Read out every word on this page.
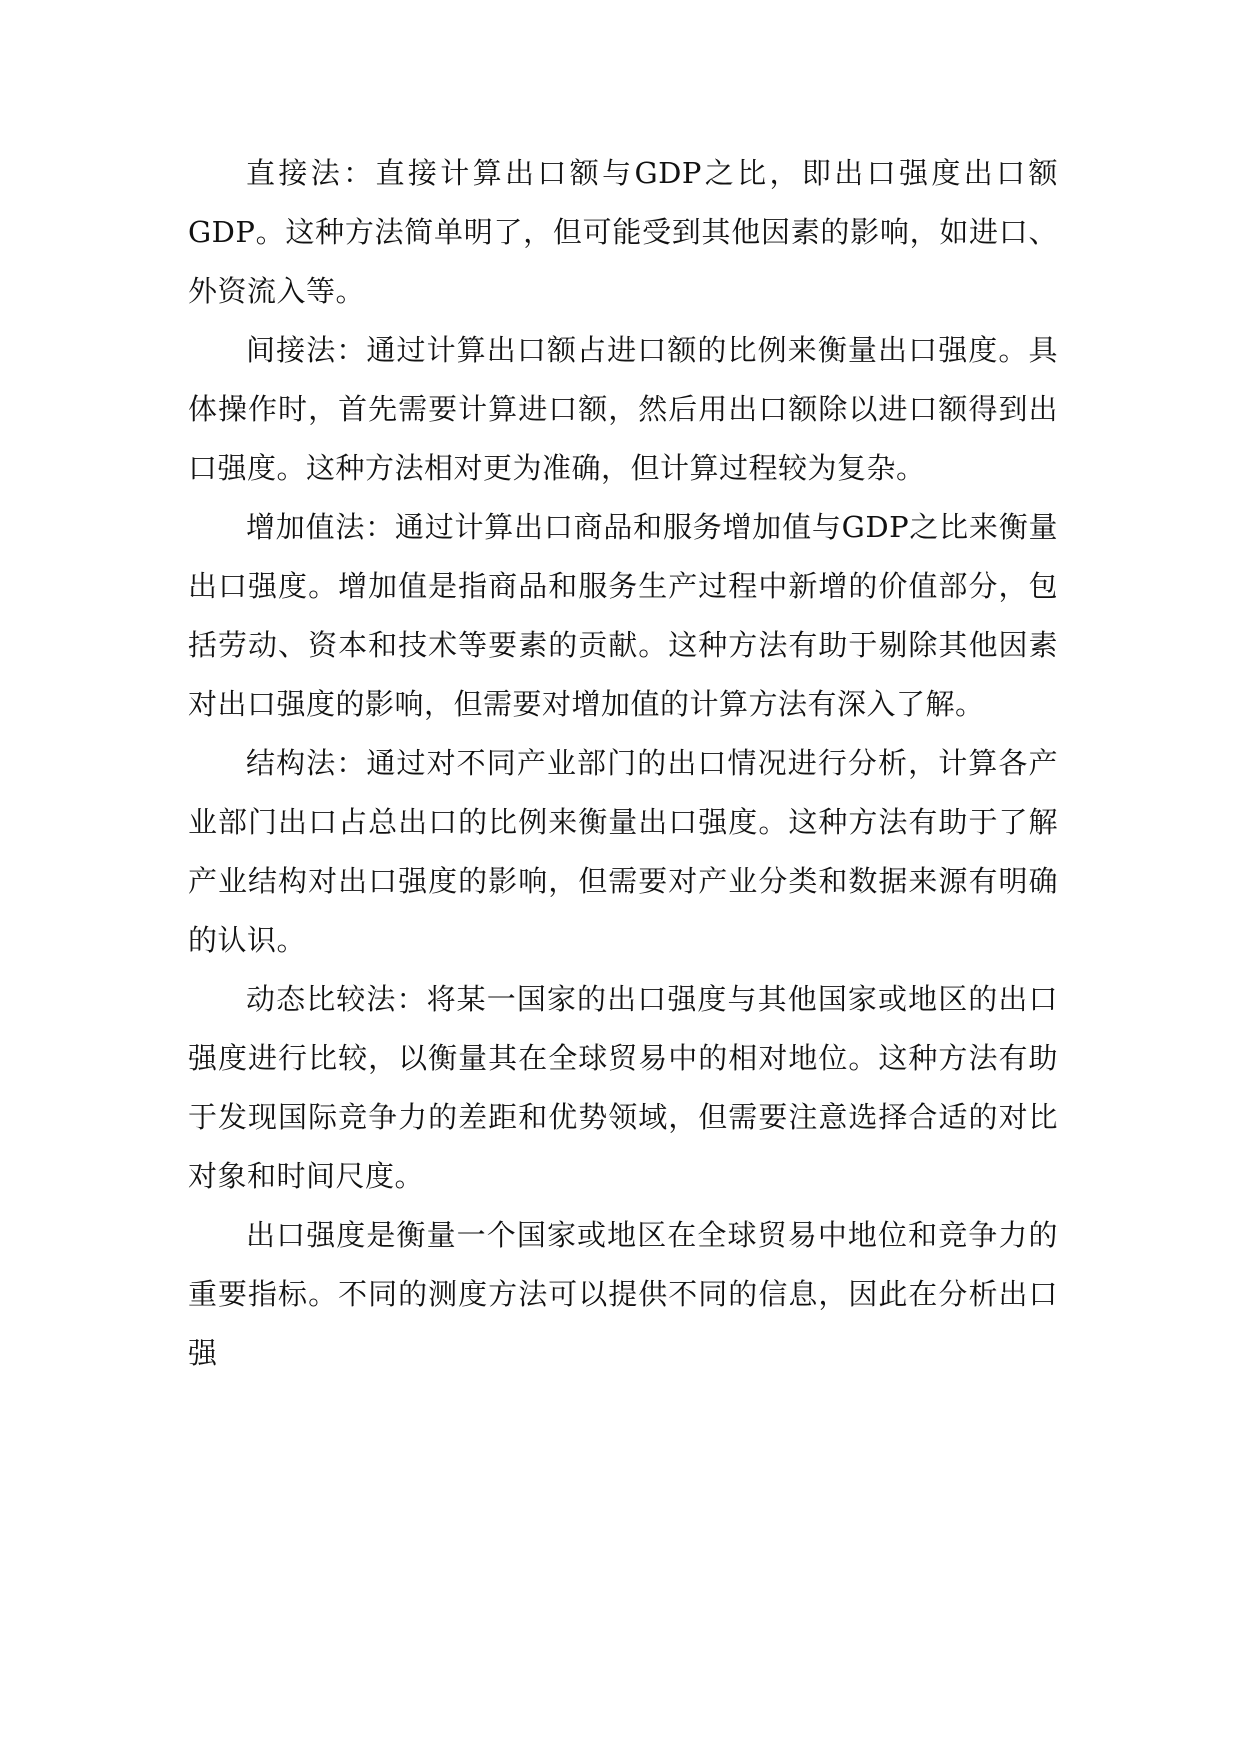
直接法：直接计算出口额与GDP之比，即出口强度出口额 GDP。这种方法简单明了，但可能受到其他因素的影响，如进口、外资流入等。

间接法：通过计算出口额占进口额的比例来衡量出口强度。具体操作时，首先需要计算进口额，然后用出口额除以进口额得到出口强度。这种方法相对更为准确，但计算过程较为复杂。

增加值法：通过计算出口商品和服务增加值与GDP之比来衡量出口强度。增加值是指商品和服务生产过程中新增的价值部分，包括劳动、资本和技术等要素的贡献。这种方法有助于剔除其他因素对出口强度的影响，但需要对增加值的计算方法有深入了解。

结构法：通过对不同产业部门的出口情况进行分析，计算各产业部门出口占总出口的比例来衡量出口强度。这种方法有助于了解产业结构对出口强度的影响，但需要对产业分类和数据来源有明确的认识。

动态比较法：将某一国家的出口强度与其他国家或地区的出口强度进行比较，以衡量其在全球贸易中的相对地位。这种方法有助于发现国际竞争力的差距和优势领域，但需要注意选择合适的对比对象和时间尺度。

出口强度是衡量一个国家或地区在全球贸易中地位和竞争力的重要指标。不同的测度方法可以提供不同的信息，因此在分析出口强
